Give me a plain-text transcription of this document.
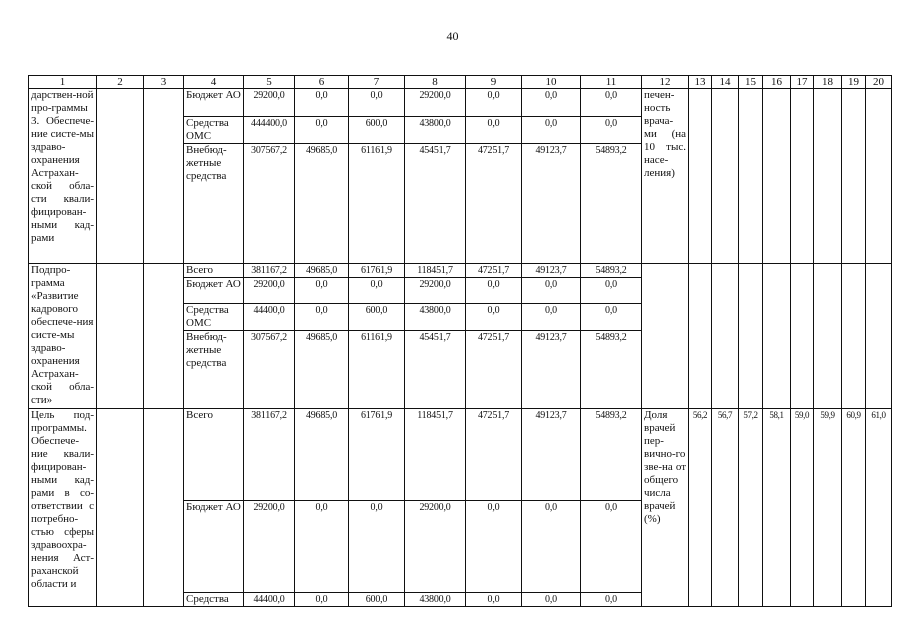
40
1	2	3	4	5	6	7	8	9	10	11	12	13	14	15	16	17	18	19	20
дарствен-ной про-граммы 3. Обеспече-ние систе-мы здраво-охранения Астрахан-ской обла-сти квали-фицирован-ными кад-рами			Бюджет АО	29200,0	0,0	0,0	29200,0	0,0	0,0	0,0	печен-ность врача-ми (на 10 тыс. насе-ления)								
			Средства ОМС	444400,0	0,0	600,0	43800,0	0,0	0,0	0,0									
			Внебюд-жетные средства	307567,2	49685,0	61161,9	45451,7	47251,7	49123,7	54893,2									
Подпро-грамма «Развитие кадрового обеспече-ния систе-мы здраво-охранения Астрахан-ской обла-сти»			Всего	381167,2	49685,0	61761,9	118451,7	47251,7	49123,7	54893,2									
			Бюджет АО	29200,0	0,0	0,0	29200,0	0,0	0,0	0,0									
			Средства ОМС	44400,0	0,0	600,0	43800,0	0,0	0,0	0,0									
			Внебюд-жетные средства	307567,2	49685,0	61161,9	45451,7	47251,7	49123,7	54893,2									
Цель под-программы. Обеспече-ние квали-фицирован-ными кад-рами в со-ответствии с потребно-стью сферы здравоохра-нения Аст-раханской области и			Всего	381167,2	49685,0	61761,9	118451,7	47251,7	49123,7	54893,2	Доля врачей пер-вично-го зве-на от общего числа врачей (%)	56,2	56,7	57,2	58,1	59,0	59,9	60,9	61,0
			Бюджет АО	29200,0	0,0	0,0	29200,0	0,0	0,0	0,0									
			Средства	44400,0	0,0	600,0	43800,0	0,0	0,0	0,0									
